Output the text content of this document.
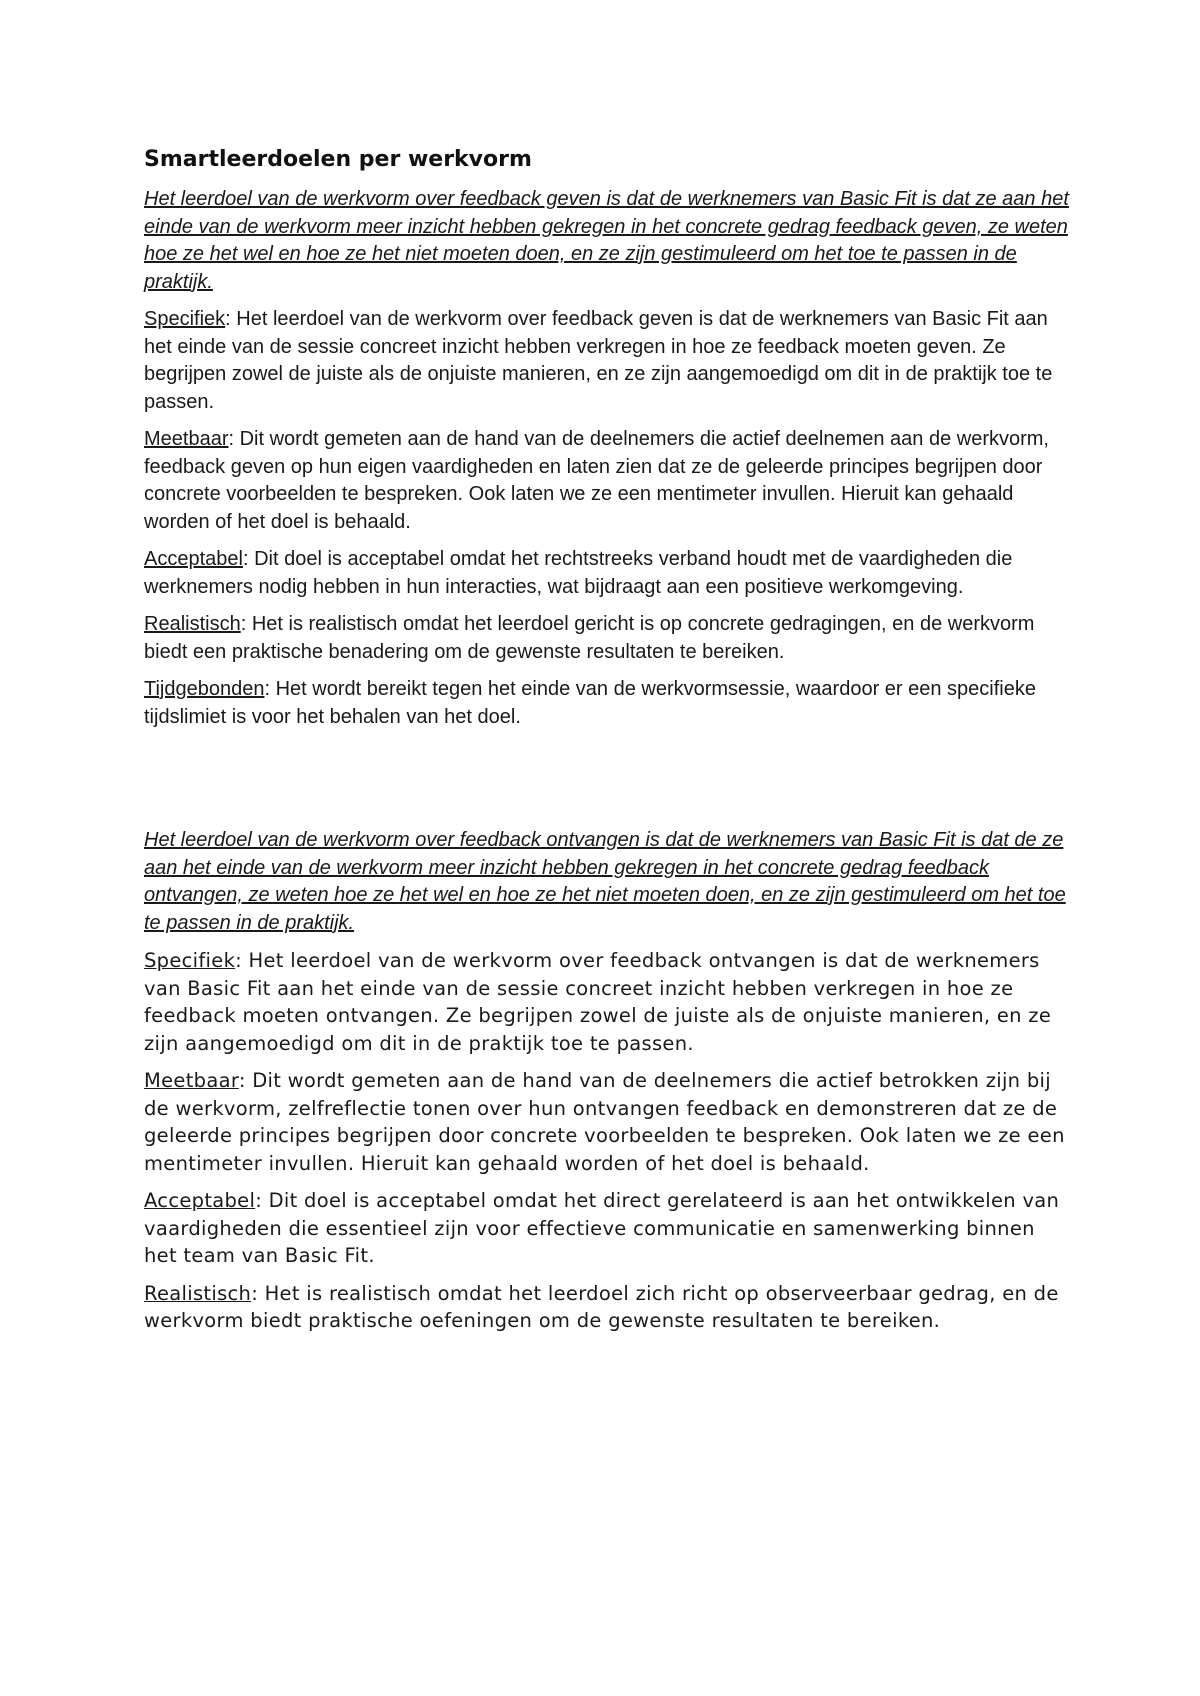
Smartleerdoelen per werkvorm

Het leerdoel van de werkvorm over feedback geven is dat de werknemers van Basic Fit is dat ze aan het einde van de werkvorm meer inzicht hebben gekregen in het concrete gedrag feedback geven, ze weten hoe ze het wel en hoe ze het niet moeten doen, en ze zijn gestimuleerd om het toe te passen in de praktijk.

Specifiek: Het leerdoel van de werkvorm over feedback geven is dat de werknemers van Basic Fit aan het einde van de sessie concreet inzicht hebben verkregen in hoe ze feedback moeten geven. Ze begrijpen zowel de juiste als de onjuiste manieren, en ze zijn aangemoedigd om dit in de praktijk toe te passen.

Meetbaar: Dit wordt gemeten aan de hand van de deelnemers die actief deelnemen aan de werkvorm, feedback geven op hun eigen vaardigheden en laten zien dat ze de geleerde principes begrijpen door concrete voorbeelden te bespreken. Ook laten we ze een mentimeter invullen. Hieruit kan gehaald worden of het doel is behaald.

Acceptabel: Dit doel is acceptabel omdat het rechtstreeks verband houdt met de vaardigheden die werknemers nodig hebben in hun interacties, wat bijdraagt aan een positieve werkomgeving.

Realistisch: Het is realistisch omdat het leerdoel gericht is op concrete gedragingen, en de werkvorm biedt een praktische benadering om de gewenste resultaten te bereiken.

Tijdgebonden: Het wordt bereikt tegen het einde van de werkvormsessie, waardoor er een specifieke tijdslimiet is voor het behalen van het doel.

Het leerdoel van de werkvorm over feedback ontvangen is dat de werknemers van Basic Fit is dat de ze aan het einde van de werkvorm meer inzicht hebben gekregen in het concrete gedrag feedback ontvangen, ze weten hoe ze het wel en hoe ze het niet moeten doen, en ze zijn gestimuleerd om het toe te passen in de praktijk.

Specifiek: Het leerdoel van de werkvorm over feedback ontvangen is dat de werknemers van Basic Fit aan het einde van de sessie concreet inzicht hebben verkregen in hoe ze feedback moeten ontvangen. Ze begrijpen zowel de juiste als de onjuiste manieren, en ze zijn aangemoedigd om dit in de praktijk toe te passen.

Meetbaar: Dit wordt gemeten aan de hand van de deelnemers die actief betrokken zijn bij de werkvorm, zelfreflectie tonen over hun ontvangen feedback en demonstreren dat ze de geleerde principes begrijpen door concrete voorbeelden te bespreken. Ook laten we ze een mentimeter invullen. Hieruit kan gehaald worden of het doel is behaald.

Acceptabel: Dit doel is acceptabel omdat het direct gerelateerd is aan het ontwikkelen van vaardigheden die essentieel zijn voor effectieve communicatie en samenwerking binnen het team van Basic Fit.

Realistisch: Het is realistisch omdat het leerdoel zich richt op observeerbaar gedrag, en de werkvorm biedt praktische oefeningen om de gewenste resultaten te bereiken.
